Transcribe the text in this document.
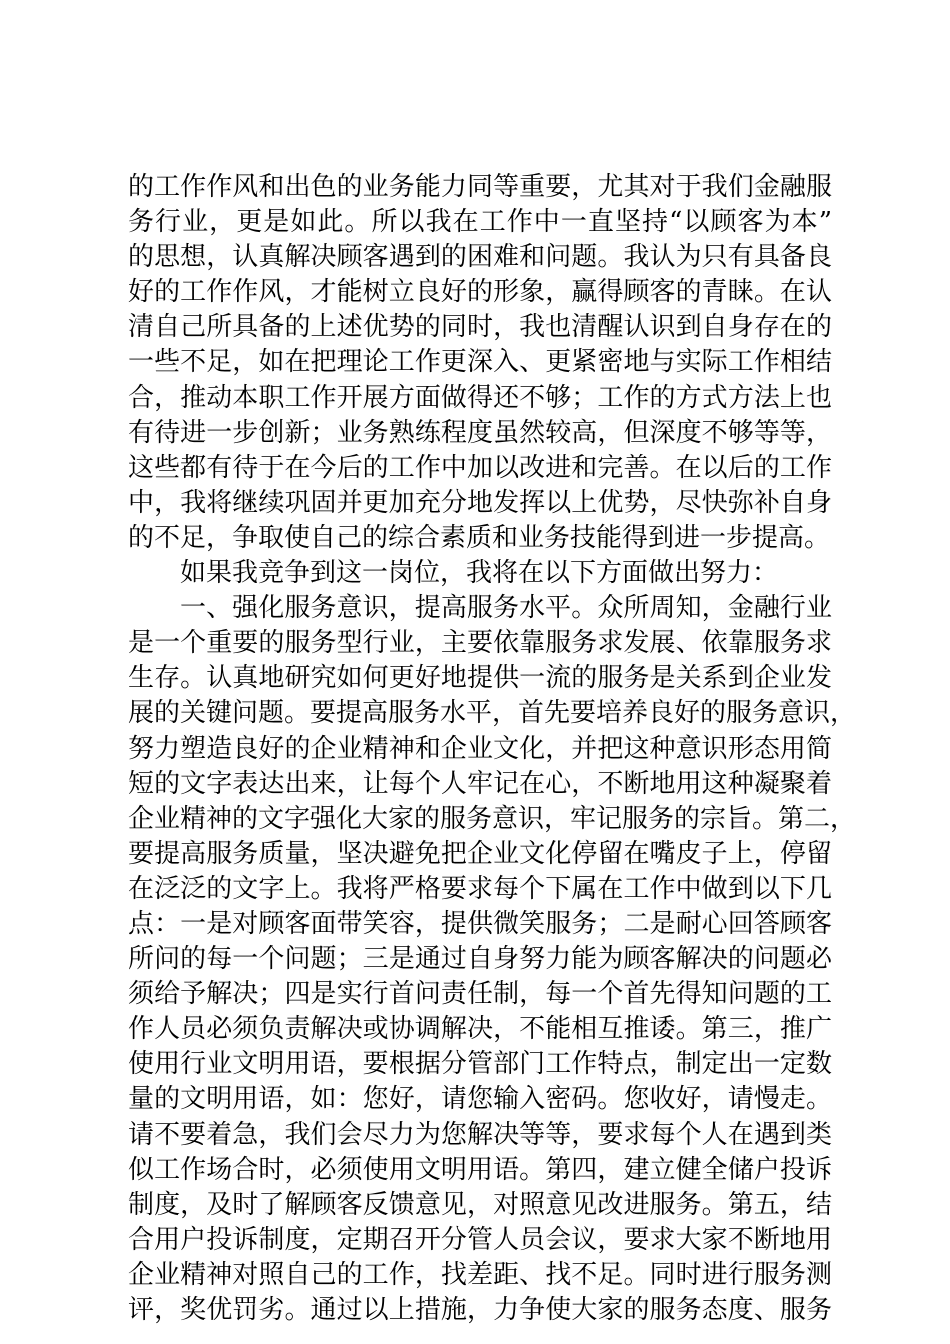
的工作作风和出色的业务能力同等重要，尤其对于我们金融服
务行业，更是如此。所以我在工作中一直坚持“以顾客为本”
的思想，认真解决顾客遇到的困难和问题。我认为只有具备良
好的工作作风，才能树立良好的形象，赢得顾客的青睐。在认
清自己所具备的上述优势的同时，我也清醒认识到自身存在的
一些不足，如在把理论工作更深入、更紧密地与实际工作相结
合，推动本职工作开展方面做得还不够；工作的方式方法上也
有待进一步创新；业务熟练程度虽然较高，但深度不够等等，
这些都有待于在今后的工作中加以改进和完善。在以后的工作
中，我将继续巩固并更加充分地发挥以上优势，尽快弥补自身
的不足，争取使自己的综合素质和业务技能得到进一步提高。
如果我竞争到这一岗位，我将在以下方面做出努力：
一、强化服务意识，提高服务水平。众所周知，金融行业
是一个重要的服务型行业，主要依靠服务求发展、依靠服务求
生存。认真地研究如何更好地提供一流的服务是关系到企业发
展的关键问题。要提高服务水平，首先要培养良好的服务意识，
努力塑造良好的企业精神和企业文化，并把这种意识形态用简
短的文字表达出来，让每个人牢记在心，不断地用这种凝聚着
企业精神的文字强化大家的服务意识，牢记服务的宗旨。第二，
要提高服务质量，坚决避免把企业文化停留在嘴皮子上，停留
在泛泛的文字上。我将严格要求每个下属在工作中做到以下几
点：一是对顾客面带笑容，提供微笑服务；二是耐心回答顾客
所问的每一个问题；三是通过自身努力能为顾客解决的问题必
须给予解决；四是实行首问责任制，每一个首先得知问题的工
作人员必须负责解决或协调解决，不能相互推诿。第三，推广
使用行业文明用语，要根据分管部门工作特点，制定出一定数
量的文明用语，如：您好，请您输入密码。您收好，请慢走。
请不要着急，我们会尽力为您解决等等，要求每个人在遇到类
似工作场合时，必须使用文明用语。第四，建立健全储户投诉
制度，及时了解顾客反馈意见，对照意见改进服务。第五，结
合用户投诉制度，定期召开分管人员会议，要求大家不断地用
企业精神对照自己的工作，找差距、找不足。同时进行服务测
评，奖优罚劣。通过以上措施，力争使大家的服务态度、服务
